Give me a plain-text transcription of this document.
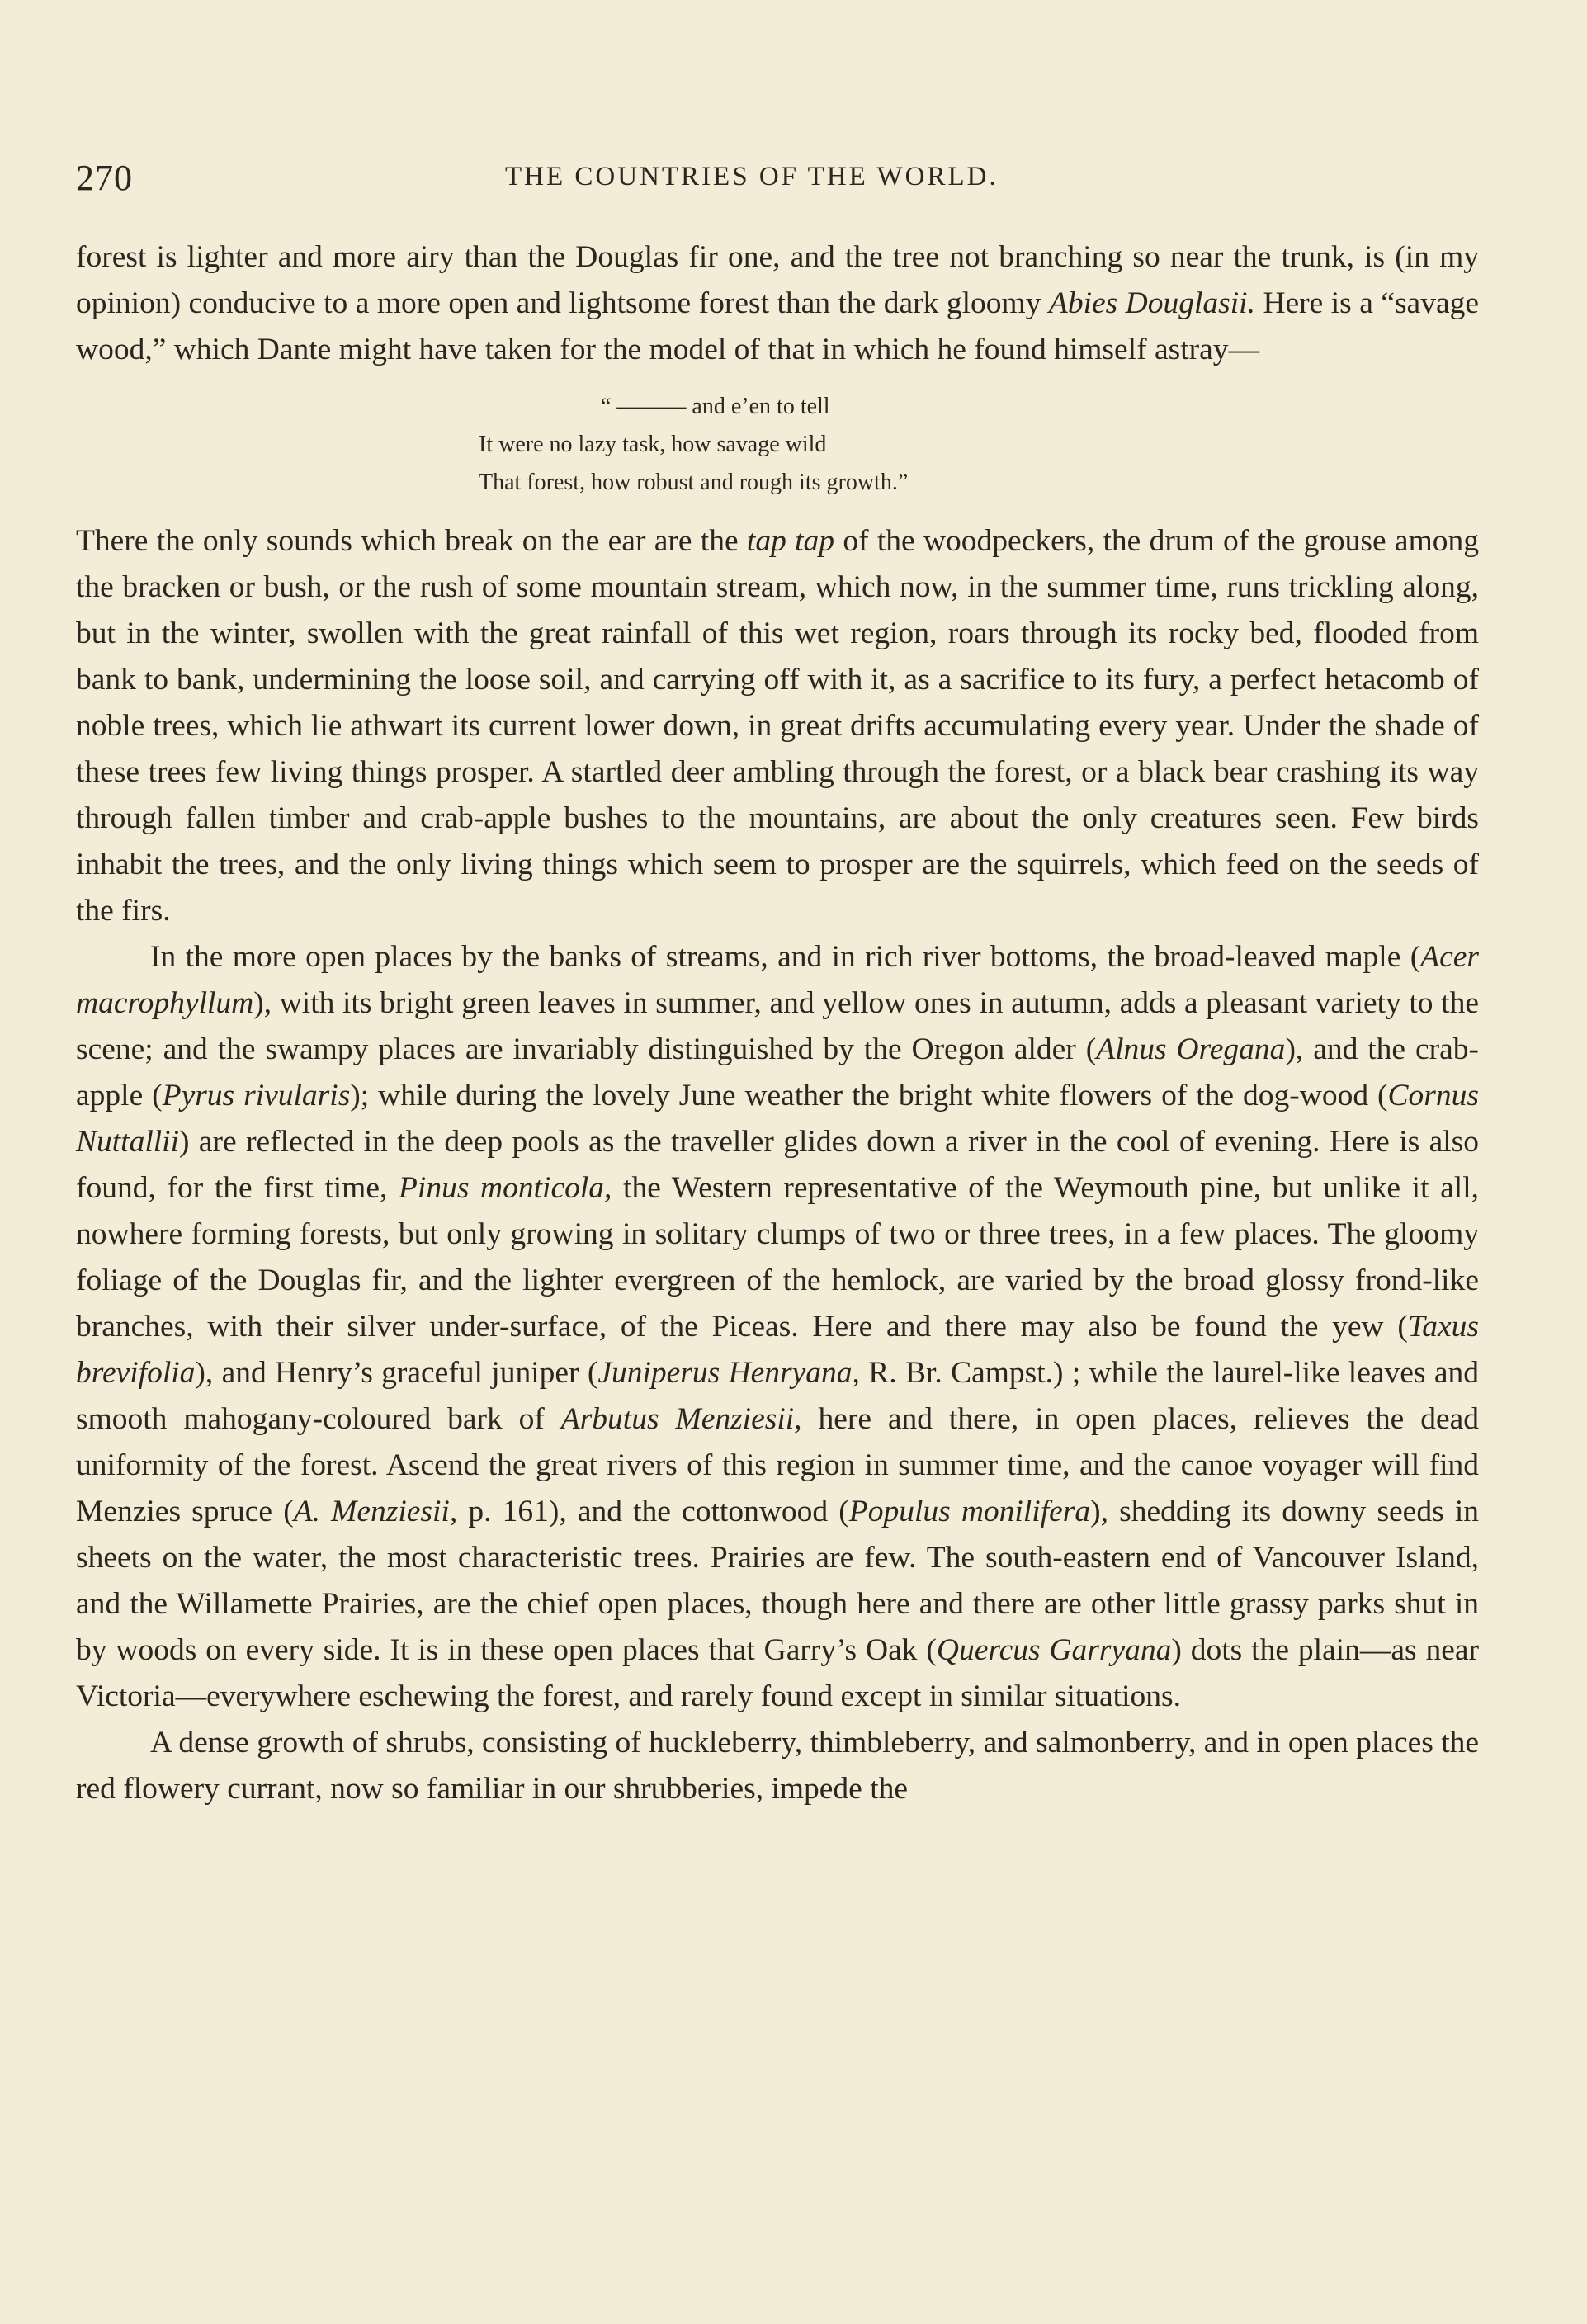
270	THE COUNTRIES OF THE WORLD.

forest is lighter and more airy than the Douglas fir one, and the tree not branching so near the trunk, is (in my opinion) conducive to a more open and lightsome forest than the dark gloomy Abies Douglasii. Here is a “savage wood,” which Dante might have taken for the model of that in which he found himself astray—

“ ——— and e’en to tell
It were no lazy task, how savage wild
That forest, how robust and rough its growth.”

There the only sounds which break on the ear are the tap tap of the woodpeckers, the drum of the grouse among the bracken or bush, or the rush of some mountain stream, which now, in the summer time, runs trickling along, but in the winter, swollen with the great rainfall of this wet region, roars through its rocky bed, flooded from bank to bank, undermining the loose soil, and carrying off with it, as a sacrifice to its fury, a perfect hetacomb of noble trees, which lie athwart its current lower down, in great drifts accumulating every year. Under the shade of these trees few living things prosper. A startled deer ambling through the forest, or a black bear crashing its way through fallen timber and crab-apple bushes to the mountains, are about the only creatures seen. Few birds inhabit the trees, and the only living things which seem to prosper are the squirrels, which feed on the seeds of the firs.

In the more open places by the banks of streams, and in rich river bottoms, the broad-leaved maple (Acer macrophyllum), with its bright green leaves in summer, and yellow ones in autumn, adds a pleasant variety to the scene; and the swampy places are invariably distinguished by the Oregon alder (Alnus Oregana), and the crab-apple (Pyrus rivularis); while during the lovely June weather the bright white flowers of the dog-wood (Cornus Nuttallii) are reflected in the deep pools as the traveller glides down a river in the cool of evening. Here is also found, for the first time, Pinus monticola, the Western representative of the Weymouth pine, but unlike it all, nowhere forming forests, but only growing in solitary clumps of two or three trees, in a few places. The gloomy foliage of the Douglas fir, and the lighter evergreen of the hemlock, are varied by the broad glossy frond-like branches, with their silver under-surface, of the Piceas. Here and there may also be found the yew (Taxus brevifolia), and Henry’s graceful juniper (Juniperus Henryana, R. Br. Campst.) ; while the laurel-like leaves and smooth mahogany-coloured bark of Arbutus Menziesii, here and there, in open places, relieves the dead uniformity of the forest. Ascend the great rivers of this region in summer time, and the canoe voyager will find Menzies spruce (A. Menziesii, p. 161), and the cottonwood (Populus monilifera), shedding its downy seeds in sheets on the water, the most characteristic trees. Prairies are few. The south-eastern end of Vancouver Island, and the Willamette Prairies, are the chief open places, though here and there are other little grassy parks shut in by woods on every side. It is in these open places that Garry’s Oak (Quercus Garryana) dots the plain—as near Victoria—everywhere eschewing the forest, and rarely found except in similar situations.

A dense growth of shrubs, consisting of huckleberry, thimbleberry, and salmonberry, and in open places the red flowery currant, now so familiar in our shrubberies, impede the
